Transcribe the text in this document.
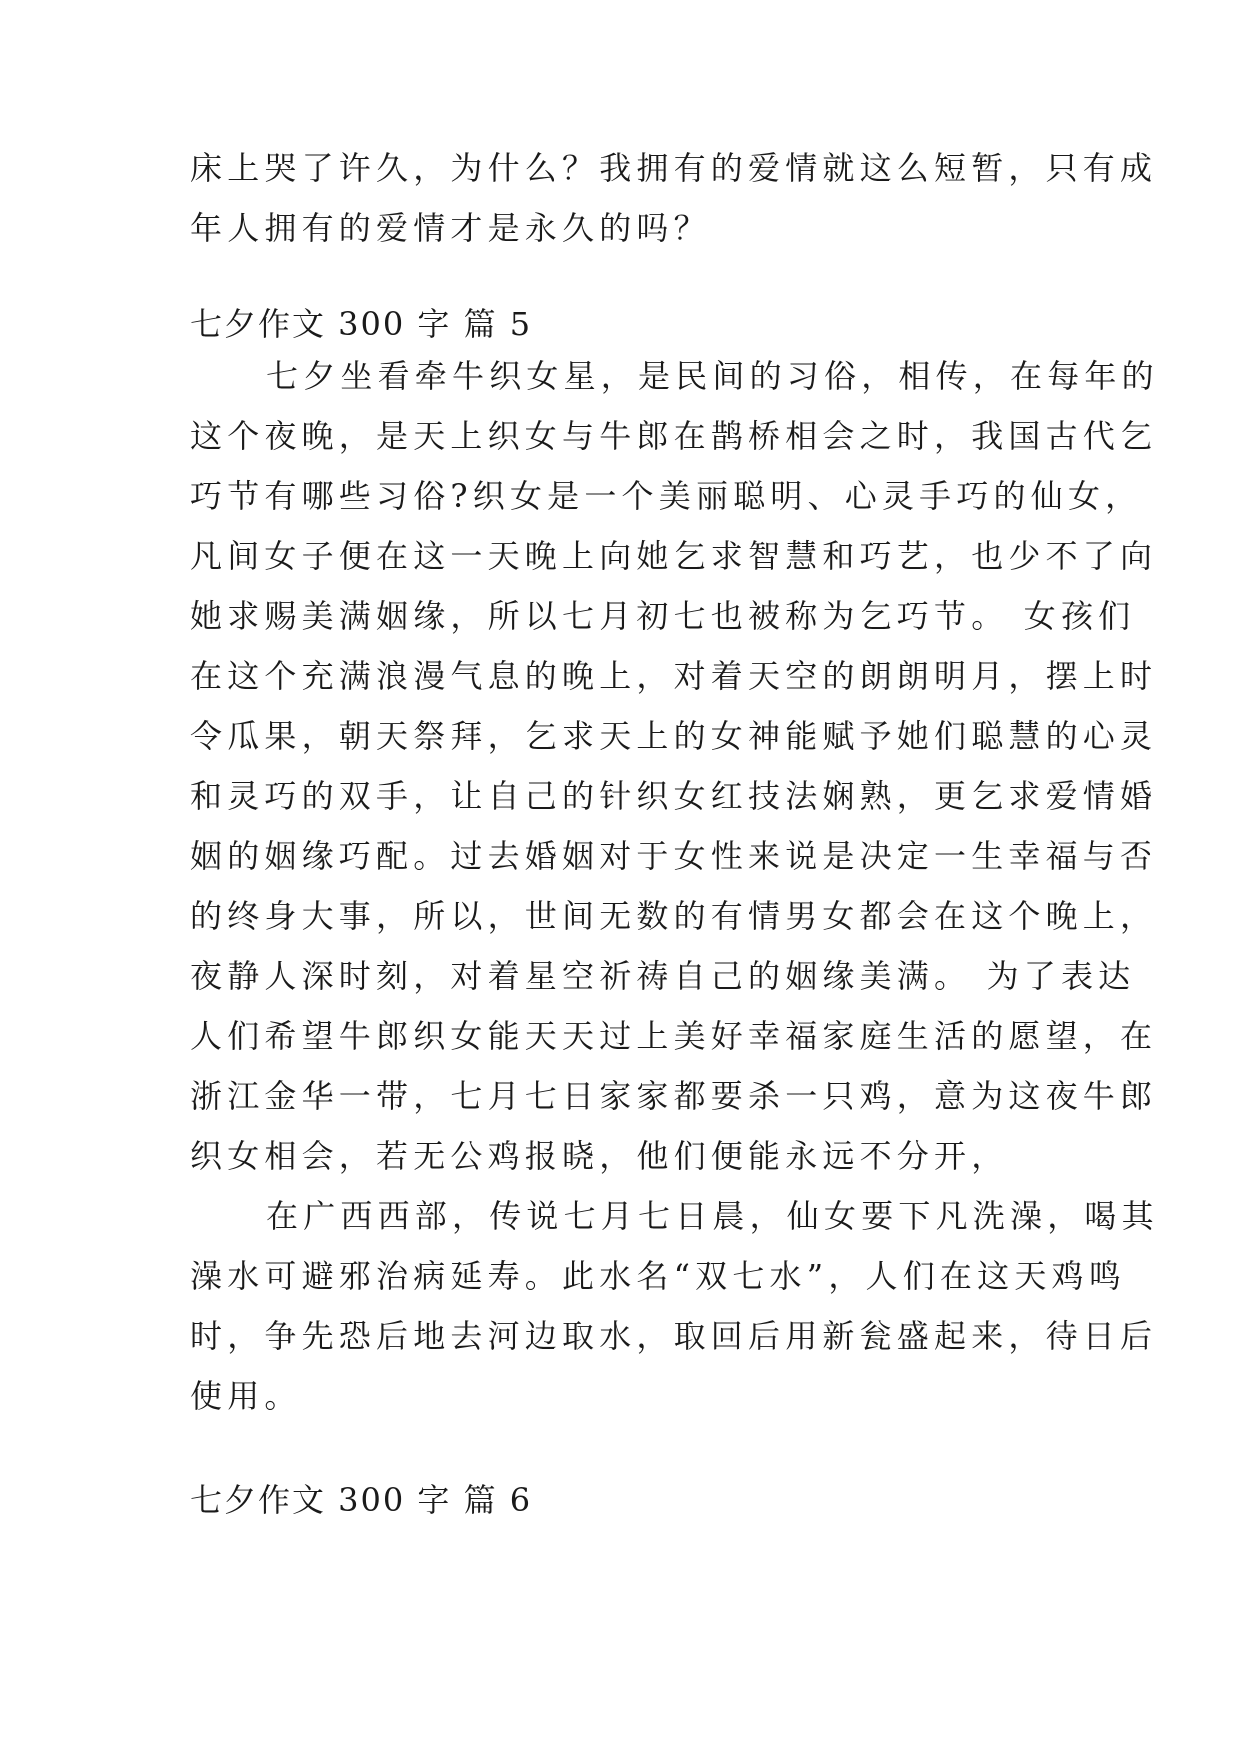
床上哭了许久，为什么？我拥有的爱情就这么短暂，只有成
年人拥有的爱情才是永久的吗？
七夕作文 300 字 篇 5
七夕坐看牵牛织女星，是民间的习俗，相传，在每年的
这个夜晚，是天上织女与牛郎在鹊桥相会之时，我国古代乞
巧节有哪些习俗?织女是一个美丽聪明、心灵手巧的仙女，
凡间女子便在这一天晚上向她乞求智慧和巧艺，也少不了向
她求赐美满姻缘，所以七月初七也被称为乞巧节。 女孩们
在这个充满浪漫气息的晚上，对着天空的朗朗明月，摆上时
令瓜果，朝天祭拜，乞求天上的女神能赋予她们聪慧的心灵
和灵巧的双手，让自己的针织女红技法娴熟，更乞求爱情婚
姻的姻缘巧配。过去婚姻对于女性来说是决定一生幸福与否
的终身大事，所以，世间无数的有情男女都会在这个晚上，
夜静人深时刻，对着星空祈祷自己的姻缘美满。 为了表达
人们希望牛郎织女能天天过上美好幸福家庭生活的愿望，在
浙江金华一带，七月七日家家都要杀一只鸡，意为这夜牛郎
织女相会，若无公鸡报晓，他们便能永远不分开，
在广西西部，传说七月七日晨，仙女要下凡洗澡，喝其
澡水可避邪治病延寿。此水名“双七水”，人们在这天鸡鸣
时，争先恐后地去河边取水，取回后用新瓮盛起来，待日后
使用。
七夕作文 300 字 篇 6
